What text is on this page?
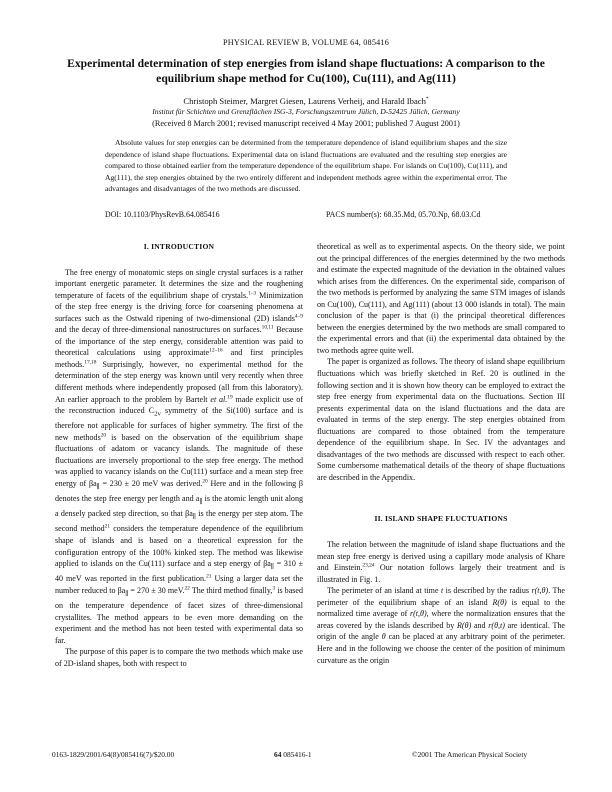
PHYSICAL REVIEW B, VOLUME 64, 085416
Experimental determination of step energies from island shape fluctuations: A comparison to the
equilibrium shape method for Cu(100), Cu(111), and Ag(111)
Christoph Steimer, Margret Giesen, Laurens Verheij, and Harald Ibach*
Institut für Schichten und Grenzflächen ISG-3, Forschungszentrum Jülich, D-52425 Jülich, Germany
(Received 8 March 2001; revised manuscript received 4 May 2001; published 7 August 2001)

Absolute values for step energies can be determined from the temperature dependence of island equilibrium shapes and the size dependence of island shape fluctuations. Experimental data on island fluctuations are evaluated and the resulting step energies are compared to those obtained earlier from the temperature dependence of the equilibrium shape. For islands on Cu(100), Cu(111), and Ag(111), the step energies obtained by the two entirely different and independent methods agree within the experimental error. The advantages and disadvantages of the two methods are discussed.

DOI: 10.1103/PhysRevB.64.085416	PACS number(s): 68.35.Md, 05.70.Np, 68.03.Cd
I. INTRODUCTION

The free energy of monatomic steps on single crystal surfaces is a rather important energetic parameter. It determines the size and the roughening temperature of facets of the equilibrium shape of crystals.$^{1-3}$ Minimization of the step free energy is the driving force for coarsening phenomena at surfaces such as the Ostwald ripening of two-dimensional (2D) islands$^{4-9}$ and the decay of three-dimensional nanostructures on surfaces.$^{10,11}$ Because of the importance of the step energy, considerable attention was paid to theoretical calculations using approximate$^{12-16}$ and first principles methods.$^{17,18}$ Surprisingly, however, no experimental method for the determination of the step energy was known until very recently when three different methods where independently proposed (all from this laboratory). An earlier approach to the problem by Bartelt et al.$^{19}$ made explicit use of the reconstruction induced $C_{2v}$ symmetry of the Si(100) surface and is therefore not applicable for surfaces of higher symmetry. The first of the new methods$^{20}$ is based on the observation of the equilibrium shape fluctuations of adatom or vacancy islands. The magnitude of these fluctuations are inversely proportional to the step free energy. The method was applied to vacancy islands on the Cu(111) surface and a mean step free energy of $\beta a_\parallel = 230 \pm 20$ meV was derived.$^{20}$ Here and in the following β denotes the step free energy per length and $a_\parallel$ is the atomic length unit along a densely packed step direction, so that $\beta a_\parallel$ is the energy per step atom. The second method$^{21}$ considers the temperature dependence of the equilibrium shape of islands and is based on a theoretical expression for the configuration entropy of the 100% kinked step. The method was likewise applied to islands on the Cu(111) surface and a step energy of $\beta a_\parallel = 310 \pm 40$ meV was reported in the first publication.$^{21}$ Using a larger data set the number reduced to $\beta a_\parallel = 270 \pm 30$ meV.$^{22}$ The third method finally,$^3$ is based on the temperature dependence of facet sizes of three-dimensional crystallites. The method appears to be even more demanding on the experiment and the method has not been tested with experimental data so far.

The purpose of this paper is to compare the two methods which make use of 2D-island shapes, both with respect to

theoretical as well as to experimental aspects. On the theory side, we point out the principal differences of the energies determined by the two methods and estimate the expected magnitude of the deviation in the obtained values which arises from the differences. On the experimental side, comparison of the two methods is performed by analyzing the same STM images of islands on Cu(100), Cu(111), and Ag(111) (about 13 000 islands in total). The main conclusion of the paper is that (i) the principal theoretical differences between the energies determined by the two methods are small compared to the experimental errors and that (ii) the experimental data obtained by the two methods agree quite well.

The paper is organized as follows. The theory of island shape equilibrium fluctuations which was briefly sketched in Ref. 20 is outlined in the following section and it is shown how theory can be employed to extract the step free energy from experimental data on the fluctuations. Section III presents experimental data on the island fluctuations and the data are evaluated in terms of the step energy. The step energies obtained from fluctuations are compared to those obtained from the temperature dependence of the equilibrium shape. In Sec. IV the advantages and disadvantages of the two methods are discussed with respect to each other. Some cumbersome mathematical details of the theory of shape fluctuations are described in the Appendix.

II. ISLAND SHAPE FLUCTUATIONS

The relation between the magnitude of island shape fluctuations and the mean step free energy is derived using a capillary mode analysis of Khare and Einstein.$^{23,24}$ Our notation follows largely their treatment and is illustrated in Fig. 1.

The perimeter of an island at time t is described by the radius r(t,θ). The perimeter of the equilibrium shape of an island R(θ) is equal to the normalized time average of r(t,θ), where the normalization ensures that the areas covered by the islands described by R(θ) and r(θ,t) are identical. The origin of the angle θ can be placed at any arbitrary point of the perimeter. Here and in the following we choose the center of the position of minimum curvature as the origin

0163-1829/2001/64(8)/085416(7)/$20.00	64 085416-1	©2001 The American Physical Society
